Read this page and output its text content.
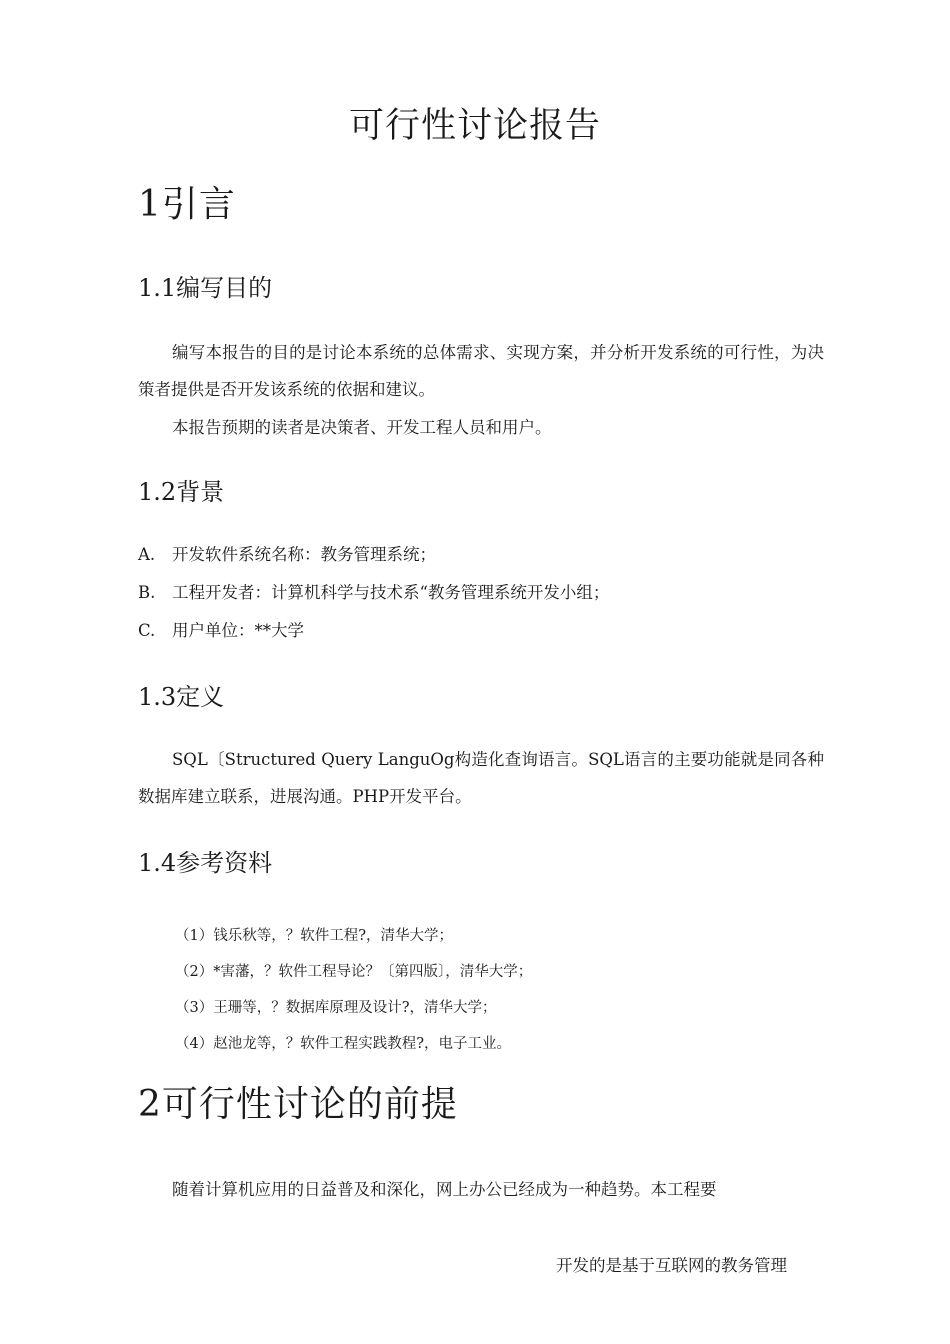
可行性讨论报告
1引言
1.1编写目的

编写本报告的目的是讨论本系统的总体需求、实现方案，并分析开发系统的可行性，为决策者提供是否开发该系统的依据和建议。

本报告预期的读者是决策者、开发工程人员和用户。
1.2背景
A. 开发软件系统名称：教务管理系统；
B. 工程开发者：计算机科学与技术系“教务管理系统开发小组；
C. 用户单位：**大学
1.3定义

SQL〔Structured Query LanguOg构造化查询语言。SQL语言的主要功能就是同各种数据库建立联系，进展沟通。PHP开发平台。

1.4参考资料
（1）钱乐秋等，？软件工程?，清华大学；
（2）*害藩，？软件工程导论？〔第四版〕，清华大学；
（3）王珊等，？数据库原理及设计?，清华大学；
（4）赵池龙等，？软件工程实践教程?，电子工业。
2可行性讨论的前提
随着计算机应用的日益普及和深化，网上办公已经成为一种趋势。本工程要
开发的是基于互联网的教务管理
